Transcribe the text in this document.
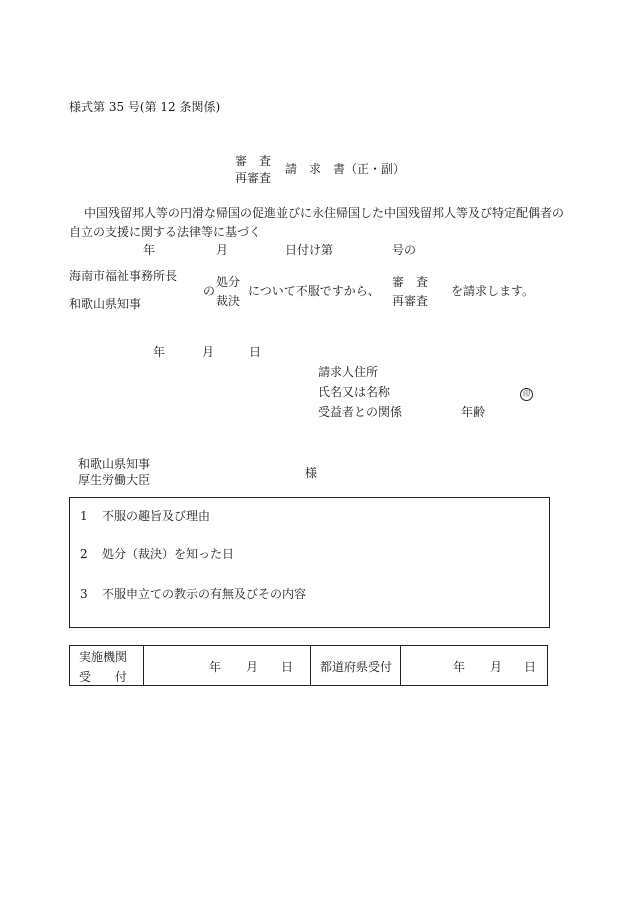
様式第 35 号(第 12 条関係)
審　査
再審査
請　求　書（正・副）
中国残留邦人等の円滑な帰国の促進並びに永住帰国した中国残留邦人等及び特定配偶者の
自立の支援に関する法律等に基づく
年	月	日付け第	号の
海南市福祉事務所長
和歌山県知事
の
処分
裁決
について不服ですから、
審　査
再審査
を請求します。
年	月	日
請求人住所
氏名又は名称	印
受益者との関係	年齢
和歌山県知事
厚生労働大臣	様
1 不服の趣旨及び理由
2 処分（裁決）を知った日
3 不服申立ての教示の有無及びその内容
実施機関
受　　付
年 月 日 都道府県受付	年 月 日
